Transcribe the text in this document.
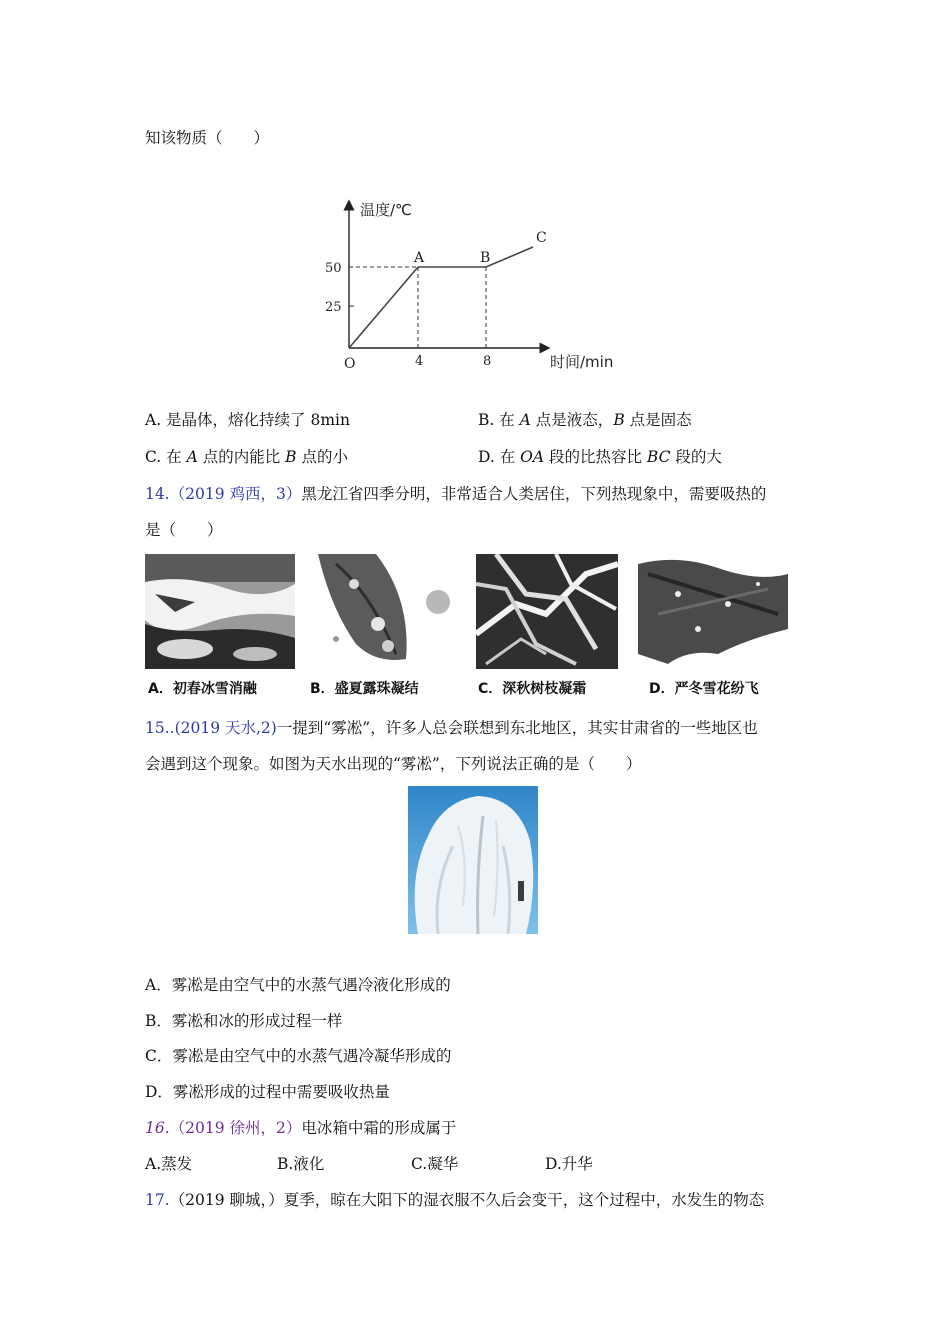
知该物质（　　）
温度/℃
时间/min
O
50
25
4	8
A	B
C
A. 是晶体，熔化持续了 8min	B. 在 A 点是液态，B 点是固态
C. 在 A 点的内能比 B 点的小	D. 在 OA 段的比热容比 BC 段的大
14.（2019 鸡西，3）黑龙江省四季分明，非常适合人类居住，下列热现象中，需要吸热的
是（　　）
A．初春冰雪消融	B．盛夏露珠凝结	C．深秋树枝凝霜	D．严冬雪花纷飞
15..(2019 天水,2)一提到“雾凇”，许多人总会联想到东北地区，其实甘肃省的一些地区也
会遇到这个现象。如图为天水出现的“雾凇”，下列说法正确的是（　　）
A．雾凇是由空气中的水蒸气遇冷液化形成的
B．雾凇和冰的形成过程一样
C．雾凇是由空气中的水蒸气遇冷凝华形成的
D．雾凇形成的过程中需要吸收热量
16.（2019 徐州，2）电冰箱中霜的形成属于
A.蒸发	B.液化	C.凝华	D.升华
17.（2019 聊城，）夏季，晾在大阳下的湿衣服不久后会变干，这个过程中，水发生的物态
